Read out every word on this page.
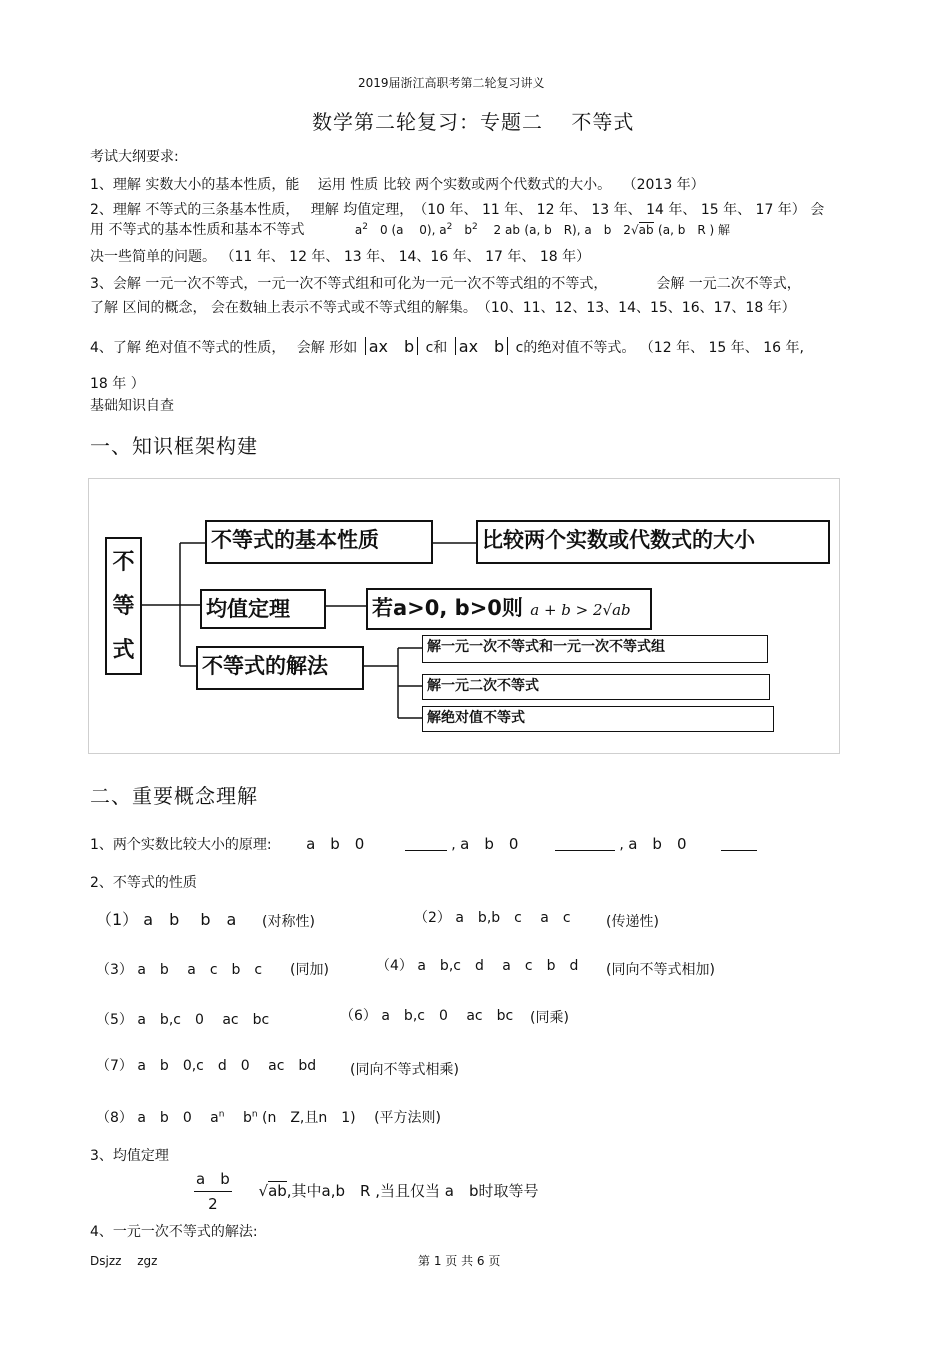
2019届浙江高职考第二轮复习讲义
数学第二轮复习：专题二　 不等式
考试大纲要求:
1、理解 实数大小的基本性质，能　 运用 性质 比较 两个实数或两个代数式的大小。　 （2013 年）
2、理解 不等式的三条基本性质，　 理解 均值定理，　（10 年、 11 年、 12 年、 13 年、 14 年、 15 年、 17 年） 会
用 不等式的基本性质和基本不等式	$a^2$　0 (a　 0), $a^2$　$b^2$　 2 ab (a, b　R), a　b　2√ab (a, b　R ) 解
决一些简单的问题。 （11 年、 12 年、 13 年、 14、16 年、 17 年、 18 年）
3、会解 一元一次不等式，一元一次不等式组和可化为一元一次不等式组的不等式，　　　　会解 一元二次不等式，
了解 区间的概念， 会在数轴上表示不等式或不等式组的解集。　（10、11、12、13、14、15、16、17、18 年）
4、了解 绝对值不等式的性质，　 会解 形如 ax　b c和 ax　b c的绝对值不等式。 （12 年、 15 年、 16 年,
18 年 ）
基础知识自查
一、知识框架构建
不
等
式
不等式的基本性质	比较两个实数或代数式的大小
均值定理	若a>0, b>0则 a + b > 2√ab
不等式的解法
解一元一次不等式和一元一次不等式组
解一元二次不等式
解绝对值不等式
二、重要概念理解
1、两个实数比较大小的原理: a　b　0	, a　b　0	, a　b　0
2、不等式的性质
（1） a　b　 b　a (对称性)	（2） a　b,b　c　 a　c	(传递性)
（3） a　b　 a　c　b　c (同加)	（4） a　b,c　d　 a　c　b　d (同向不等式相加)
（5） a　b,c　0　 ac　bc	（6） a　b,c　0　 ac　bc (同乘)
（7） a　b　0,c　d　0　 ac　bd (同向不等式相乘)
（8） a　b　0　 $a^n$ $b^n$ (n　Z,且n　1) (平方法则)
3、均值定理
$\frac{\text{a　b}}{2} √ab$,其中a,b　R ,当且仅当 a　b时取等号
4、一元一次不等式的解法:
Dsjzz　 zgz	第 1 页 共 6 页
